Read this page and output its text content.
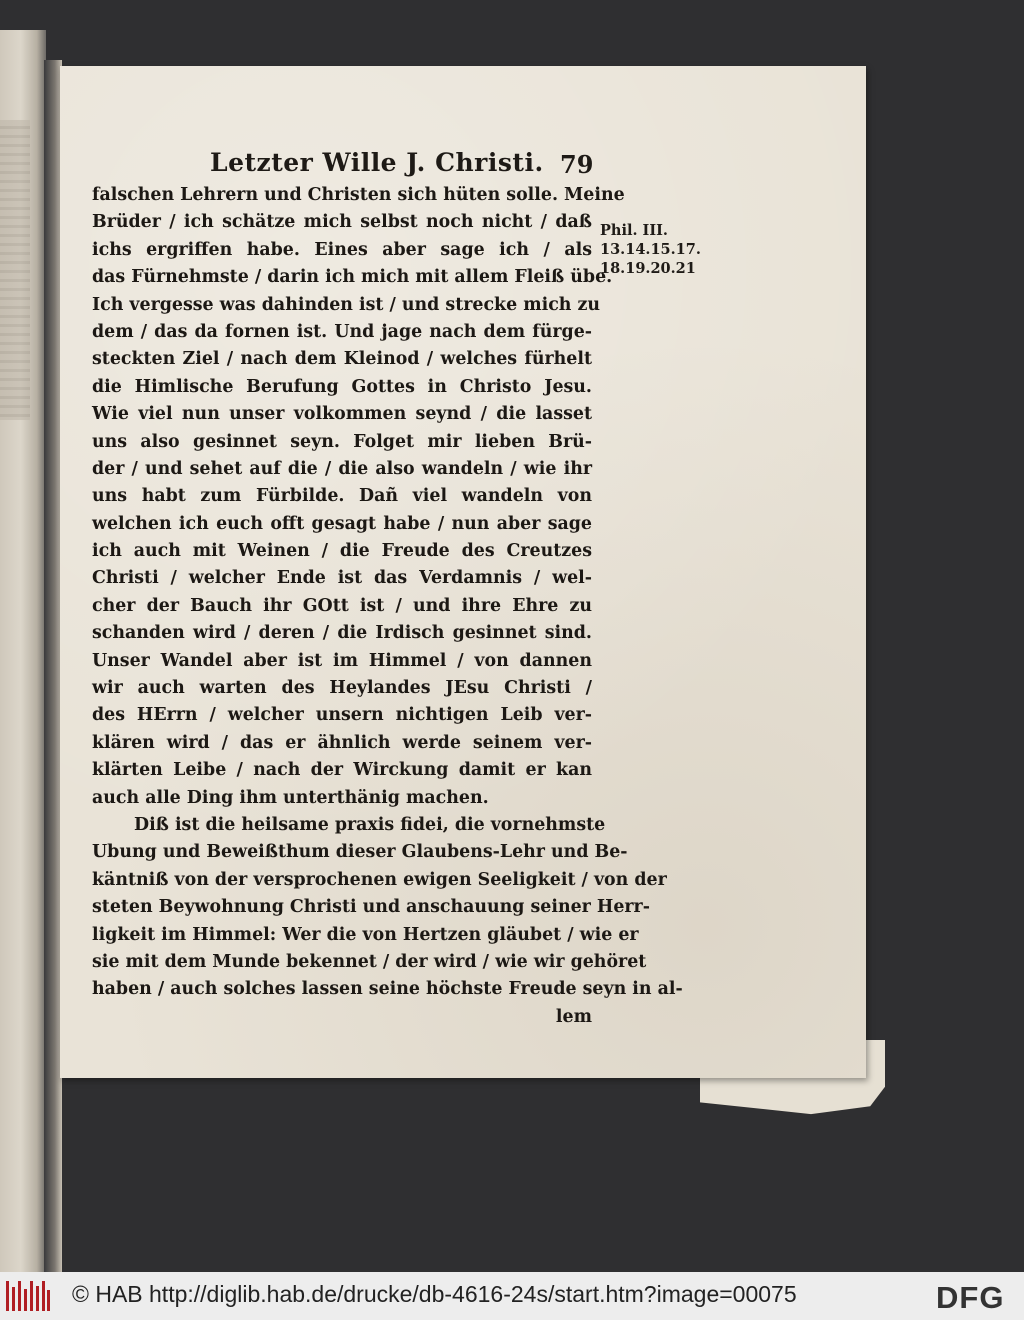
Letzter Wille J. Christi. 79
Phil. III.
13.14.15.17.
18.19.20.21
falschen Lehrern und Christen sich hüten solle. Meine
Brüder / ich schätze mich selbst noch nicht / daß
ichs ergriffen habe. Eines aber sage ich / als
das Fürnehmste / darin ich mich mit allem Fleiß übe.
Ich vergesse was dahinden ist / und strecke mich zu
dem / das da fornen ist. Und jage nach dem fürge-
steckten Ziel / nach dem Kleinod / welches fürhelt
die Himlische Berufung Gottes in Christo Jesu.
Wie viel nun unser volkommen seynd / die lasset
uns also gesinnet seyn. Folget mir lieben Brü-
der / und sehet auf die / die also wandeln / wie ihr
uns habt zum Fürbilde. Dañ viel wandeln von
welchen ich euch offt gesagt habe / nun aber sage
ich auch mit Weinen / die Freude des Creutzes
Christi / welcher Ende ist das Verdamnis / wel-
cher der Bauch ihr GOtt ist / und ihre Ehre zu
schanden wird / deren / die Irdisch gesinnet sind.
Unser Wandel aber ist im Himmel / von dannen
wir auch warten des Heylandes JEsu Christi /
des HErrn / welcher unsern nichtigen Leib ver-
klären wird / das er ähnlich werde seinem ver-
klärten Leibe / nach der Wirckung damit er kan
auch alle Ding ihm unterthänig machen.
Diß ist die heilsame praxis fidei, die vornehmste
Ubung und Beweißthum dieser Glaubens-Lehr und Be-
käntniß von der versprochenen ewigen Seeligkeit / von der
steten Beywohnung Christi und anschauung seiner Herr-
ligkeit im Himmel: Wer die von Hertzen gläubet / wie er
sie mit dem Munde bekennet / der wird / wie wir gehöret
haben / auch solches lassen seine höchste Freude seyn in al-
lem
© HAB http://diglib.hab.de/drucke/db-4616-24s/start.htm?image=00075	DFG
